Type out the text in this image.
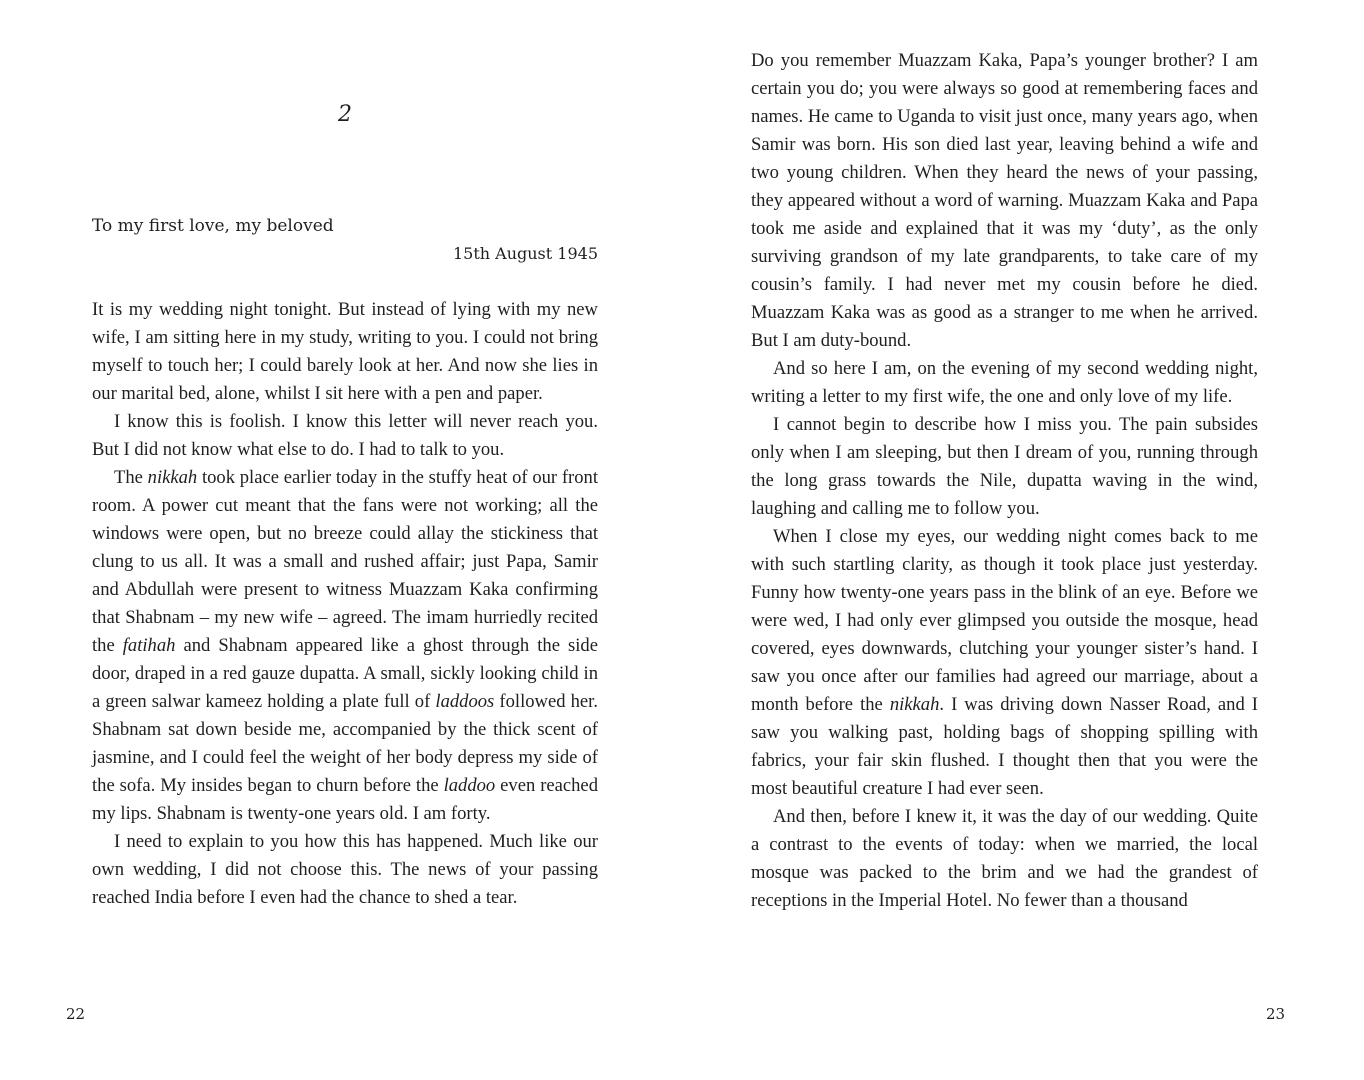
2
To my first love, my beloved
15th August 1945

It is my wedding night tonight. But instead of lying with my new wife, I am sitting here in my study, writing to you. I could not bring myself to touch her; I could barely look at her. And now she lies in our marital bed, alone, whilst I sit here with a pen and paper.

I know this is foolish. I know this letter will never reach you. But I did not know what else to do. I had to talk to you.

The nikkah took place earlier today in the stuffy heat of our front room. A power cut meant that the fans were not working; all the windows were open, but no breeze could allay the stickiness that clung to us all. It was a small and rushed affair; just Papa, Samir and Abdullah were present to witness Muazzam Kaka confirming that Shabnam – my new wife – agreed. The imam hurriedly recited the fatihah and Shabnam appeared like a ghost through the side door, draped in a red gauze dupatta. A small, sickly looking child in a green salwar kameez holding a plate full of laddoos followed her. Shabnam sat down beside me, accompanied by the thick scent of jasmine, and I could feel the weight of her body depress my side of the sofa. My insides began to churn before the laddoo even reached my lips. Shabnam is twenty-one years old. I am forty.

I need to explain to you how this has happened. Much like our own wedding, I did not choose this. The news of your passing reached India before I even had the chance to shed a tear.

22

Do you remember Muazzam Kaka, Papa’s younger brother? I am certain you do; you were always so good at remembering faces and names. He came to Uganda to visit just once, many years ago, when Samir was born. His son died last year, leaving behind a wife and two young children. When they heard the news of your passing, they appeared without a word of warning. Muazzam Kaka and Papa took me aside and explained that it was my ‘duty’, as the only surviving grandson of my late grandparents, to take care of my cousin’s family. I had never met my cousin before he died. Muazzam Kaka was as good as a stranger to me when he arrived. But I am duty-bound.

And so here I am, on the evening of my second wedding night, writing a letter to my first wife, the one and only love of my life.

I cannot begin to describe how I miss you. The pain subsides only when I am sleeping, but then I dream of you, running through the long grass towards the Nile, dupatta waving in the wind, laughing and calling me to follow you.

When I close my eyes, our wedding night comes back to me with such startling clarity, as though it took place just yesterday. Funny how twenty-one years pass in the blink of an eye. Before we were wed, I had only ever glimpsed you outside the mosque, head covered, eyes downwards, clutching your younger sister’s hand. I saw you once after our families had agreed our marriage, about a month before the nikkah. I was driving down Nasser Road, and I saw you walking past, holding bags of shopping spilling with fabrics, your fair skin flushed. I thought then that you were the most beautiful creature I had ever seen.

And then, before I knew it, it was the day of our wedding. Quite a contrast to the events of today: when we married, the local mosque was packed to the brim and we had the grandest of receptions in the Imperial Hotel. No fewer than a thousand

23
